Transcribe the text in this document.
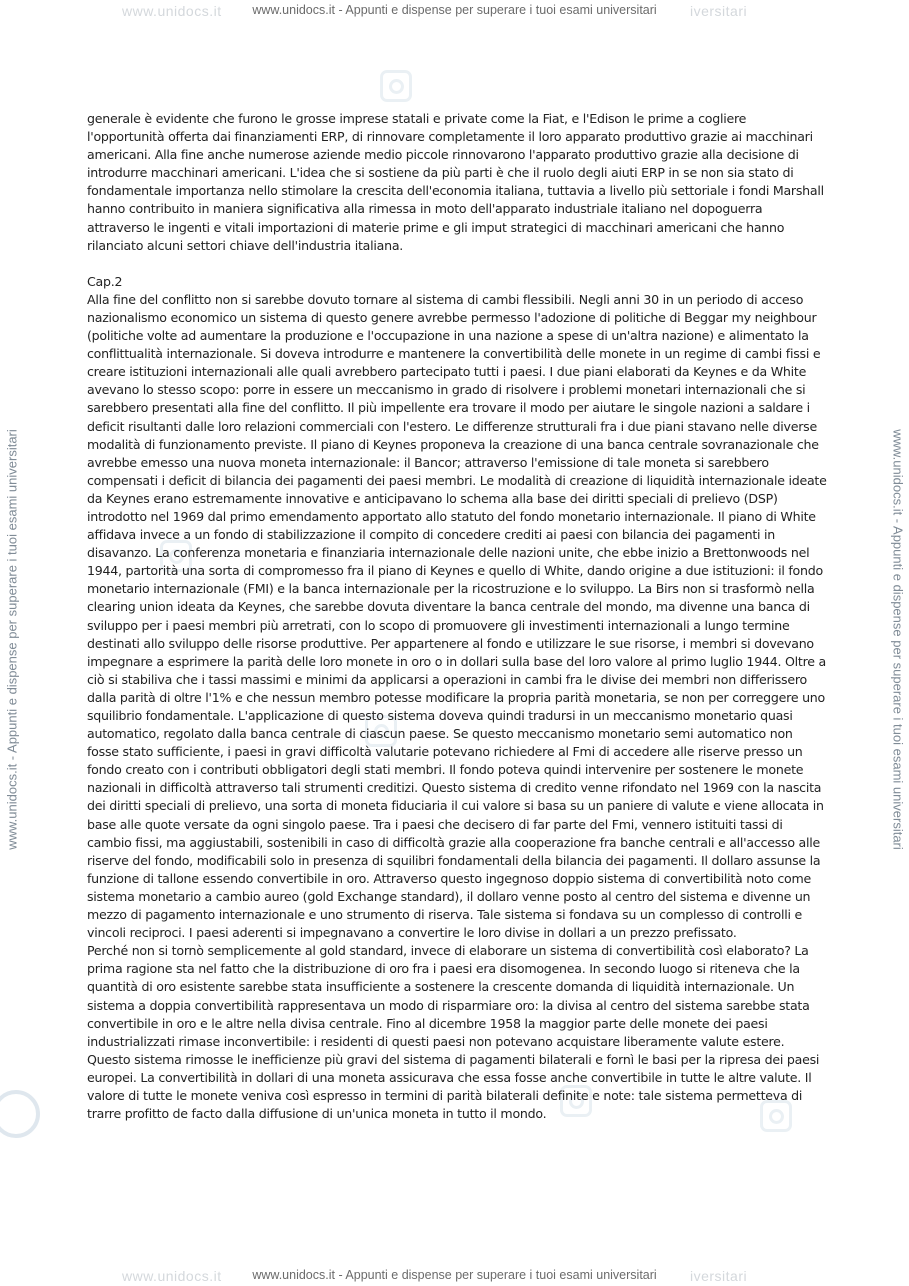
www.unidocs.it	iversitari
www.unidocs.it	iversitari
www.unidocs.it - Appunti e dispense per superare i tuoi esami universitari
www.unidocs.it - Appunti e dispense per superare i tuoi esami universitari	www.unidocs.it - Appunti e dispense per superare i tuoi esami universitari

generale è evidente che furono le grosse imprese statali e private come la Fiat, e l'Edison le prime a cogliere l'opportunità offerta dai finanziamenti ERP, di rinnovare completamente il loro apparato produttivo grazie ai macchinari americani. Alla fine anche numerose aziende medio piccole rinnovarono l'apparato produttivo grazie alla decisione di introdurre macchinari americani. L'idea che si sostiene da più parti è che il ruolo degli aiuti ERP in se non sia stato di fondamentale importanza nello stimolare la crescita dell'economia italiana, tuttavia a livello più settoriale i fondi Marshall hanno contribuito in maniera significativa alla rimessa in moto dell'apparato industriale italiano nel dopoguerra attraverso le ingenti e vitali importazioni di materie prime e gli imput strategici di macchinari americani che hanno rilanciato alcuni settori chiave dell'industria italiana.

Cap.2

Alla fine del conflitto non si sarebbe dovuto tornare al sistema di cambi flessibili. Negli anni 30 in un periodo di acceso nazionalismo economico un sistema di questo genere avrebbe permesso l'adozione di politiche di Beggar my neighbour (politiche volte ad aumentare la produzione e l'occupazione in una nazione a spese di un'altra nazione) e alimentato la conflittualità internazionale. Si doveva introdurre e mantenere la convertibilità delle monete in un regime di cambi fissi e creare istituzioni internazionali alle quali avrebbero partecipato tutti i paesi. I due piani elaborati da Keynes e da White avevano lo stesso scopo: porre in essere un meccanismo in grado di risolvere i problemi monetari internazionali che si sarebbero presentati alla fine del conflitto. Il più impellente era trovare il modo per aiutare le singole nazioni a saldare i deficit risultanti dalle loro relazioni commerciali con l'estero. Le differenze strutturali fra i due piani stavano nelle diverse modalità di funzionamento previste. Il piano di Keynes proponeva la creazione di una banca centrale sovranazionale che avrebbe emesso una nuova moneta internazionale: il Bancor; attraverso l'emissione di tale moneta si sarebbero compensati i deficit di bilancia dei pagamenti dei paesi membri. Le modalità di creazione di liquidità internazionale ideate da Keynes erano estremamente innovative e anticipavano lo schema alla base dei diritti speciali di prelievo (DSP) introdotto nel 1969 dal primo emendamento apportato allo statuto del fondo monetario internazionale. Il piano di White affidava invece a un fondo di stabilizzazione il compito di concedere crediti ai paesi con bilancia dei pagamenti in disavanzo. La conferenza monetaria e finanziaria internazionale delle nazioni unite, che ebbe inizio a Brettonwoods nel 1944, partorità una sorta di compromesso fra il piano di Keynes e quello di White, dando origine a due istituzioni: il fondo monetario internazionale (FMI) e la banca internazionale per la ricostruzione e lo sviluppo. La Birs non si trasformò nella clearing union ideata da Keynes, che sarebbe dovuta diventare la banca centrale del mondo, ma divenne una banca di sviluppo per i paesi membri più arretrati, con lo scopo di promuovere gli investimenti internazionali a lungo termine destinati allo sviluppo delle risorse produttive. Per appartenere al fondo e utilizzare le sue risorse, i membri si dovevano impegnare a esprimere la parità delle loro monete in oro o in dollari sulla base del loro valore al primo luglio 1944. Oltre a ciò si stabiliva che i tassi massimi e minimi da applicarsi a operazioni in cambi fra le divise dei membri non differissero dalla parità di oltre l'1% e che nessun membro potesse modificare la propria parità monetaria, se non per correggere uno squilibrio fondamentale. L'applicazione di questo sistema doveva quindi tradursi in un meccanismo monetario quasi automatico, regolato dalla banca centrale di ciascun paese. Se questo meccanismo monetario semi automatico non fosse stato sufficiente, i paesi in gravi difficoltà valutarie potevano richiedere al Fmi di accedere alle riserve presso un fondo creato con i contributi obbligatori degli stati membri. Il fondo poteva quindi intervenire per sostenere le monete nazionali in difficoltà attraverso tali strumenti creditizi. Questo sistema di credito venne rifondato nel 1969 con la nascita dei diritti speciali di prelievo, una sorta di moneta fiduciaria il cui valore si basa su un paniere di valute e viene allocata in base alle quote versate da ogni singolo paese. Tra i paesi che decisero di far parte del Fmi, vennero istituiti tassi di cambio fissi, ma aggiustabili, sostenibili in caso di difficoltà grazie alla cooperazione fra banche centrali e all'accesso alle riserve del fondo, modificabili solo in presenza di squilibri fondamentali della bilancia dei pagamenti. Il dollaro assunse la funzione di tallone essendo convertibile in oro. Attraverso questo ingegnoso doppio sistema di convertibilità noto come sistema monetario a cambio aureo (gold Exchange standard), il dollaro venne posto al centro del sistema e divenne un mezzo di pagamento internazionale e uno strumento di riserva. Tale sistema si fondava su un complesso di controlli e vincoli reciproci. I paesi aderenti si impegnavano a convertire le loro divise in dollari a un prezzo prefissato.

Perché non si tornò semplicemente al gold standard, invece di elaborare un sistema di convertibilità così elaborato? La prima ragione sta nel fatto che la distribuzione di oro fra i paesi era disomogenea. In secondo luogo si riteneva che la quantità di oro esistente sarebbe stata insufficiente a sostenere la crescente domanda di liquidità internazionale. Un sistema a doppia convertibilità rappresentava un modo di risparmiare oro: la divisa al centro del sistema sarebbe stata convertibile in oro e le altre nella divisa centrale. Fino al dicembre 1958 la maggior parte delle monete dei paesi industrializzati rimase inconvertibile: i residenti di questi paesi non potevano acquistare liberamente valute estere. Questo sistema rimosse le inefficienze più gravi del sistema di pagamenti bilaterali e fornì le basi per la ripresa dei paesi europei. La convertibilità in dollari di una moneta assicurava che essa fosse anche convertibile in tutte le altre valute. Il valore di tutte le monete veniva così espresso in termini di parità bilaterali definite e note: tale sistema permetteva di trarre profitto de facto dalla diffusione di un'unica moneta in tutto il mondo.

www.unidocs.it - Appunti e dispense per superare i tuoi esami universitari
